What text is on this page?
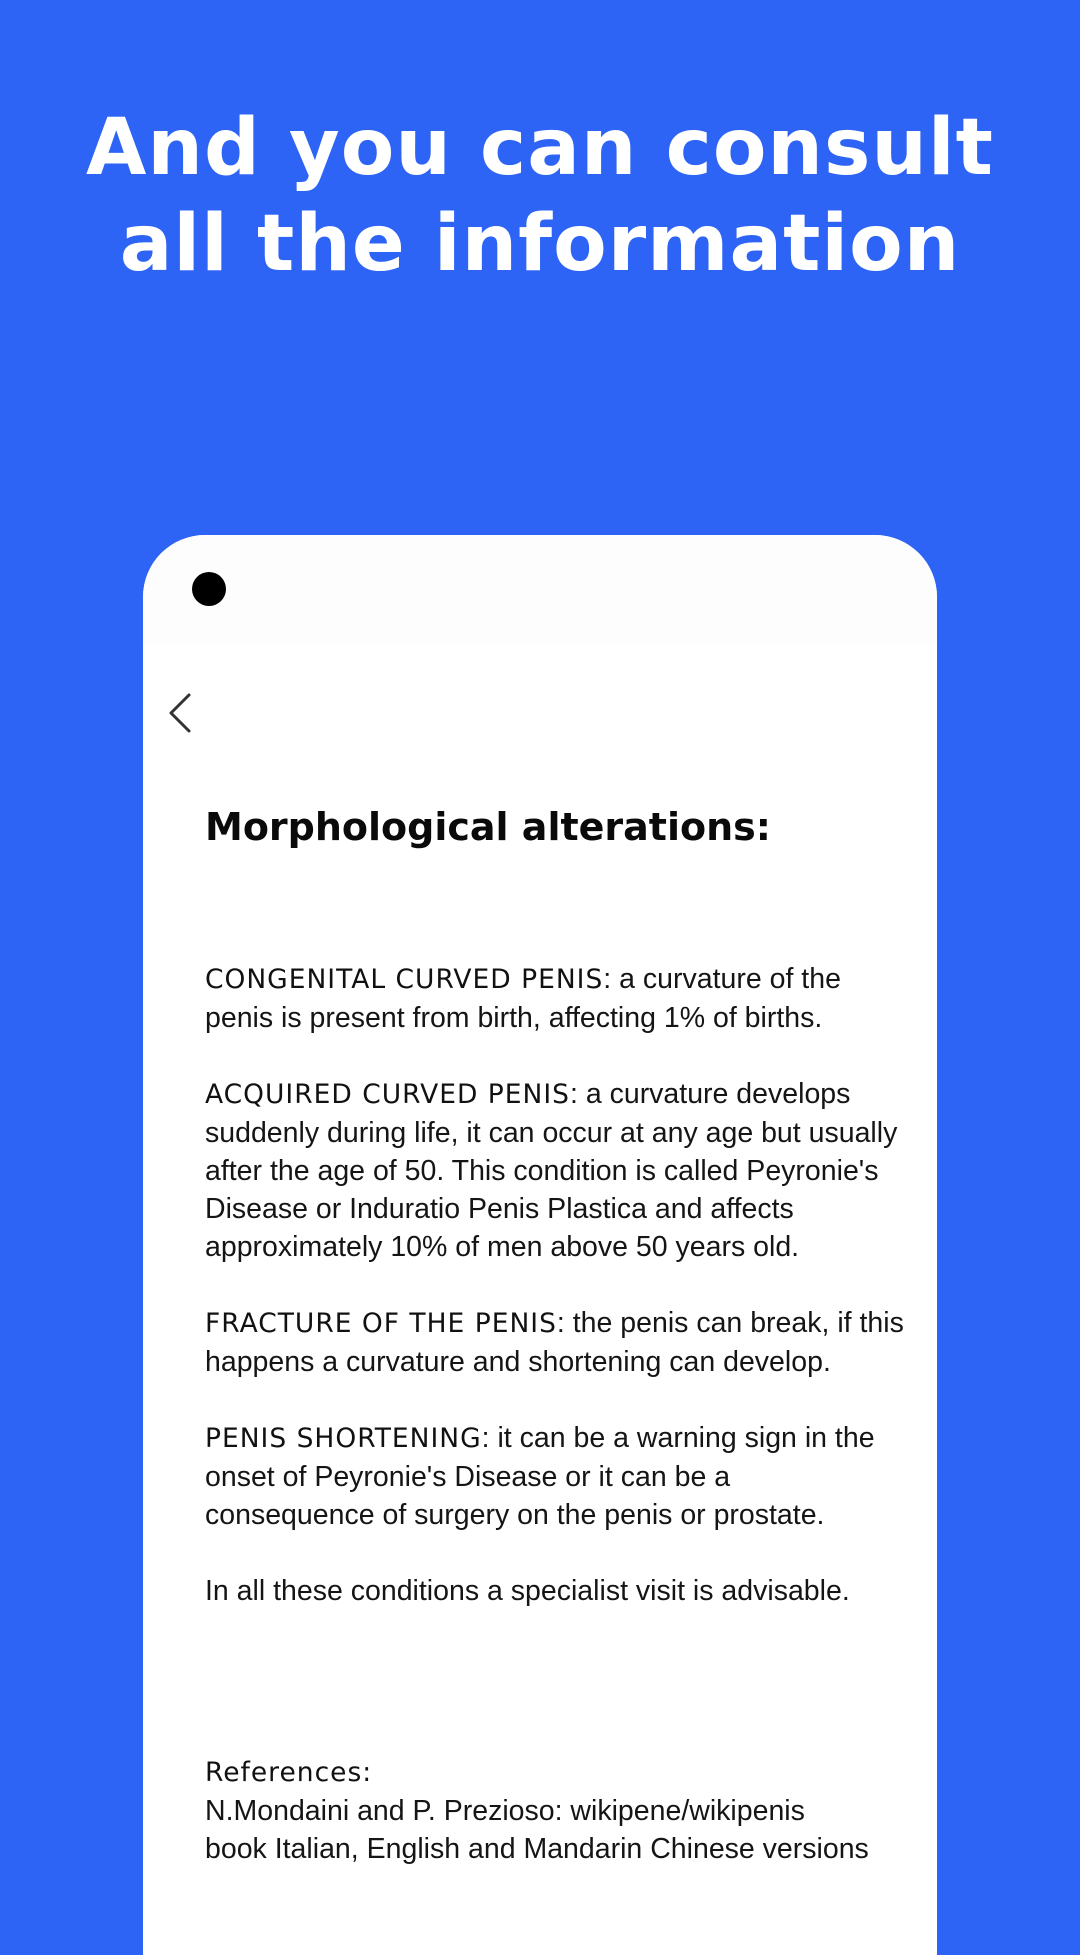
And you can consult
all the information
Morphological alterations:

CONGENITAL CURVED PENIS: a curvature of the penis is present from birth, affecting 1% of births.

ACQUIRED CURVED PENIS: a curvature develops suddenly during life, it can occur at any age but usually after the age of 50. This condition is called Peyronie's Disease or Induratio Penis Plastica and affects approximately 10% of men above 50 years old.

FRACTURE OF THE PENIS: the penis can break, if this happens a curvature and shortening can develop.

PENIS SHORTENING: it can be a warning sign in the onset of Peyronie's Disease or it can be a consequence of surgery on the penis or prostate.

In all these conditions a specialist visit is advisable.

References:
N.Mondaini and P. Prezioso: wikipene/wikipenis
book Italian, English and Mandarin Chinese versions
